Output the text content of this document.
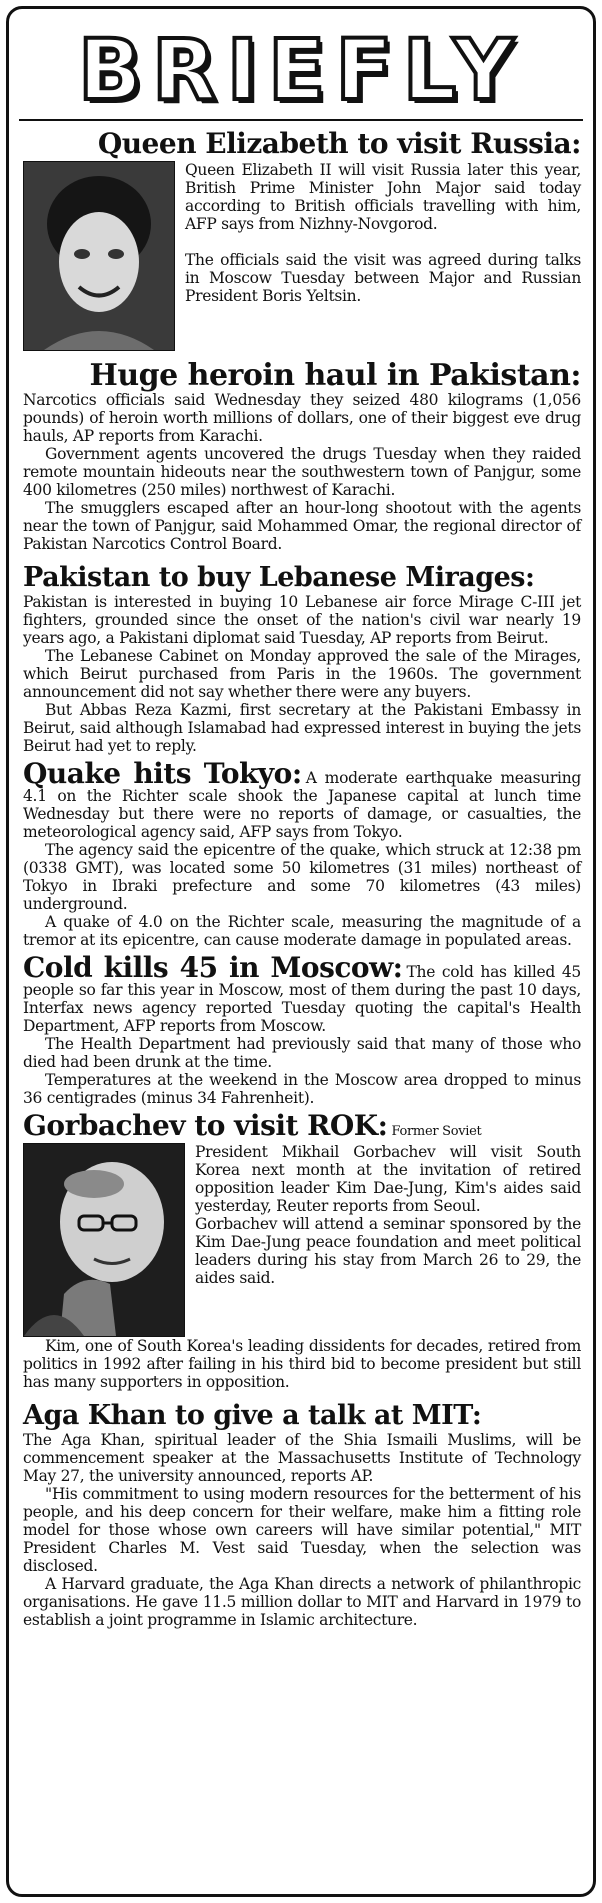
BRIEFLY
Queen Elizabeth to visit Russia:

Queen Elizabeth II will visit Russia later this year, British Prime Minister John Major said today according to British officials travelling with him, AFP says from Nizhny-Novgorod.

The officials said the visit was agreed during talks in Moscow Tuesday between Major and Russian President Boris Yeltsin.

Huge heroin haul in Pakistan:

Narcotics officials said Wednesday they seized 480 kilograms (1,056 pounds) of heroin worth millions of dollars, one of their biggest eve drug hauls, AP reports from Karachi.

Government agents uncovered the drugs Tuesday when they raided remote mountain hideouts near the southwestern town of Panjgur, some 400 kilometres (250 miles) northwest of Karachi.

The smugglers escaped after an hour-long shootout with the agents near the town of Panjgur, said Mohammed Omar, the regional director of Pakistan Narcotics Control Board.

Pakistan to buy Lebanese Mirages:

Pakistan is interested in buying 10 Lebanese air force Mirage C-III jet fighters, grounded since the onset of the nation's civil war nearly 19 years ago, a Pakistani diplomat said Tuesday, AP reports from Beirut.

The Lebanese Cabinet on Monday approved the sale of the Mirages, which Beirut purchased from Paris in the 1960s. The government announcement did not say whether there were any buyers.

But Abbas Reza Kazmi, first secretary at the Pakistani Embassy in Beirut, said although Islamabad had expressed interest in buying the jets Beirut had yet to reply.

Quake hits Tokyo: A moderate earthquake measuring 4.1 on the Richter scale shook the Japanese capital at lunch time Wednesday but there were no reports of damage, or casualties, the meteorological agency said, AFP says from Tokyo.

The agency said the epicentre of the quake, which struck at 12:38 pm (0338 GMT), was located some 50 kilometres (31 miles) northeast of Tokyo in Ibraki prefecture and some 70 kilometres (43 miles) underground.

A quake of 4.0 on the Richter scale, measuring the magnitude of a tremor at its epicentre, can cause moderate damage in populated areas.

Cold kills 45 in Moscow: The cold has killed 45 people so far this year in Moscow, most of them during the past 10 days, Interfax news agency reported Tuesday quoting the capital's Health Department, AFP reports from Moscow.

The Health Department had previously said that many of those who died had been drunk at the time.

Temperatures at the weekend in the Moscow area dropped to minus 36 centigrades (minus 34 Fahrenheit).

Gorbachev to visit ROK: Former Soviet

President Mikhail Gorbachev will visit South Korea next month at the invitation of retired opposition leader Kim Dae-Jung, Kim's aides said yesterday, Reuter reports from Seoul.

Gorbachev will attend a seminar sponsored by the Kim Dae-Jung peace foundation and meet political leaders during his stay from March 26 to 29, the aides said.

Kim, one of South Korea's leading dissidents for decades, retired from politics in 1992 after failing in his third bid to become president but still has many supporters in opposition.

Aga Khan to give a talk at MIT:

The Aga Khan, spiritual leader of the Shia Ismaili Muslims, will be commencement speaker at the Massachusetts Institute of Technology May 27, the university announced, reports AP.

"His commitment to using modern resources for the betterment of his people, and his deep concern for their welfare, make him a fitting role model for those whose own careers will have similar potential," MIT President Charles M. Vest said Tuesday, when the selection was disclosed.

A Harvard graduate, the Aga Khan directs a network of philanthropic organisations. He gave 11.5 million dollar to MIT and Harvard in 1979 to establish a joint programme in Islamic architecture.
